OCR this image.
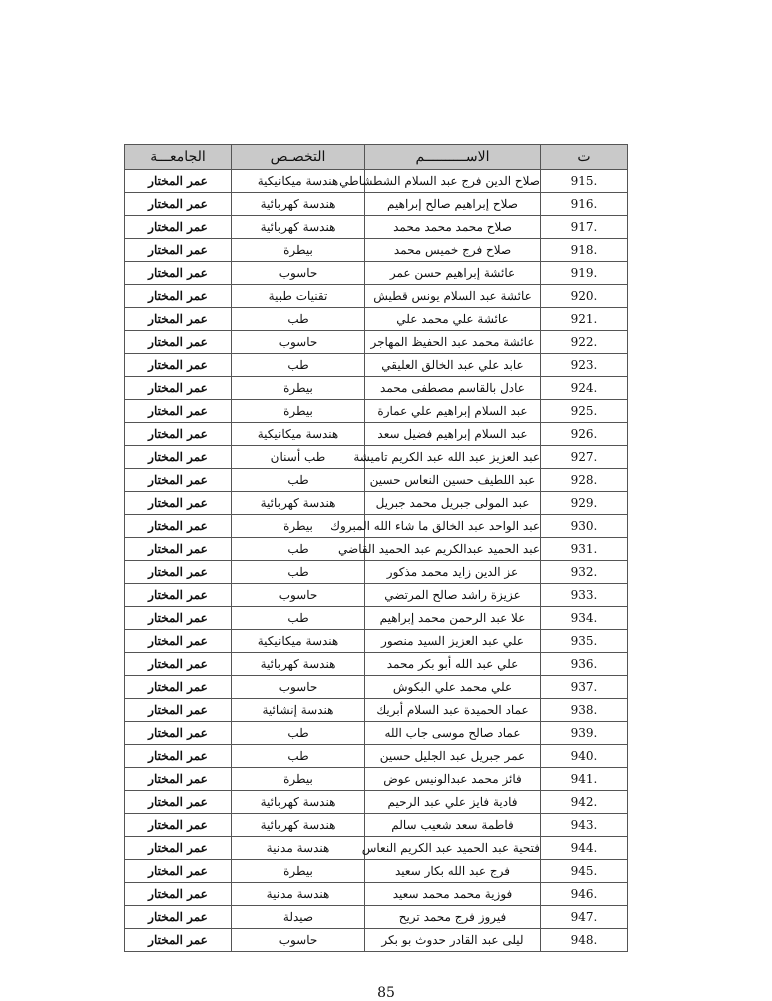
ت	الاســــــــــم	التخصـص	الجامعـــة
915.	صلاح الدين فرج عبد السلام الشطشاطي	هندسة ميكانيكية	عمر المختار
916.	صلاح إبراهيم صالح إبراهيم	هندسة كهربائية	عمر المختار
917.	صلاح محمد محمد محمد	هندسة كهربائية	عمر المختار
918.	صلاح فرج خميس محمد	بيطرة	عمر المختار
919.	عائشة إبراهيم حسن عمر	حاسوب	عمر المختار
920.	عائشة عبد السلام يونس قطيش	تقنيات طبية	عمر المختار
921.	عائشة علي محمد علي	طب	عمر المختار
922.	عائشة محمد عبد الحفيظ المهاجر	حاسوب	عمر المختار
923.	عابد علي عبد الخالق العليقي	طب	عمر المختار
924.	عادل بالقاسم مصطفى محمد	بيطرة	عمر المختار
925.	عبد السلام إبراهيم علي عمارة	بيطرة	عمر المختار
926.	عبد السلام إبراهيم فضيل سعد	هندسة ميكانيكية	عمر المختار
927.	عبد العزيز عبد الله عبد الكريم تاميشة	طب أسنان	عمر المختار
928.	عبد اللطيف حسين النعاس حسين	طب	عمر المختار
929.	عبد المولى جبريل محمد جبريل	هندسة كهربائية	عمر المختار
930.	عبد الواحد عبد الخالق ما شاء الله المبروك	بيطرة	عمر المختار
931.	عبد الحميد عبدالكريم عبد الحميد القاضي	طب	عمر المختار
932.	عز الدين زايد محمد مذكور	طب	عمر المختار
933.	عزيزة راشد صالح المرتضي	حاسوب	عمر المختار
934.	علا عبد الرحمن محمد إبراهيم	طب	عمر المختار
935.	علي عبد العزيز السيد منصور	هندسة ميكانيكية	عمر المختار
936.	علي عبد الله أبو بكر محمد	هندسة كهربائية	عمر المختار
937.	علي محمد علي البكوش	حاسوب	عمر المختار
938.	عماد الحميدة عبد السلام أبريك	هندسة إنشائية	عمر المختار
939.	عماد صالح موسى جاب الله	طب	عمر المختار
940.	عمر جبريل عبد الجليل حسين	طب	عمر المختار
941.	فائز محمد عبدالونيس عوض	بيطرة	عمر المختار
942.	فادية فايز علي عبد الرحيم	هندسة كهربائية	عمر المختار
943.	فاطمة سعد شعيب سالم	هندسة كهربائية	عمر المختار
944.	فتحية عبد الحميد عبد الكريم النعاس	هندسة مدنية	عمر المختار
945.	فرج عبد الله بكار سعيد	بيطرة	عمر المختار
946.	فوزية محمد محمد سعيد	هندسة مدنية	عمر المختار
947.	فيروز فرج محمد تريح	صيدلة	عمر المختار
948.	ليلى عبد القادر حدوث بو بكر	حاسوب	عمر المختار
85
